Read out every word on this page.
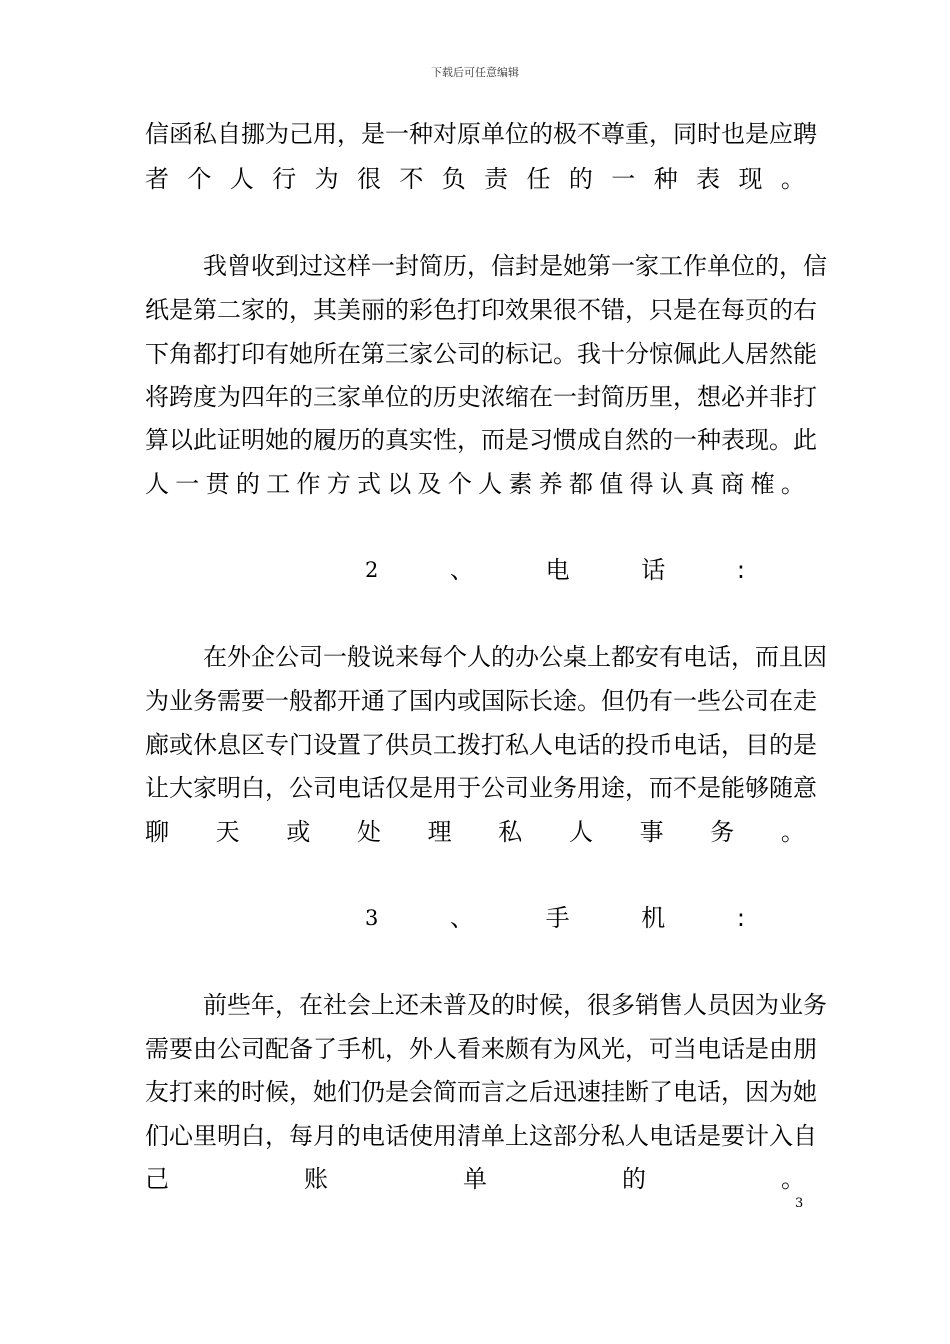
下载后可任意编辑
信函私自挪为己用，是一种对原单位的极不尊重，同时也是应聘
者 个 人 行 为 很 不 负 责 任 的 一 种 表 现 。
我曾收到过这样一封简历，信封是她第一家工作单位的，信
纸是第二家的，其美丽的彩色打印效果很不错，只是在每页的右
下角都打印有她所在第三家公司的标记。我十分惊佩此人居然能
将跨度为四年的三家单位的历史浓缩在一封简历里，想必并非打
算以此证明她的履历的真实性，而是习惯成自然的一种表现。此
人 一 贯 的 工 作 方 式 以 及 个 人 素 养 都 值 得 认 真 商 榷 。
2	、	电	话	:
在外企公司一般说来每个人的办公桌上都安有电话，而且因
为业务需要一般都开通了国内或国际长途。但仍有一些公司在走
廊或休息区专门设置了供员工拨打私人电话的投币电话，目的是
让大家明白，公司电话仅是用于公司业务用途，而不是能够随意
聊 天 或 处 理 私 人 事 务 。
3	、	手	机	:
前些年，在社会上还未普及的时候，很多销售人员因为业务
需要由公司配备了手机，外人看来颇有为风光，可当电话是由朋
友打来的时候，她们仍是会简而言之后迅速挂断了电话，因为她
们心里明白，每月的电话使用清单上这部分私人电话是要计入自
己	账	单	的	。
3
